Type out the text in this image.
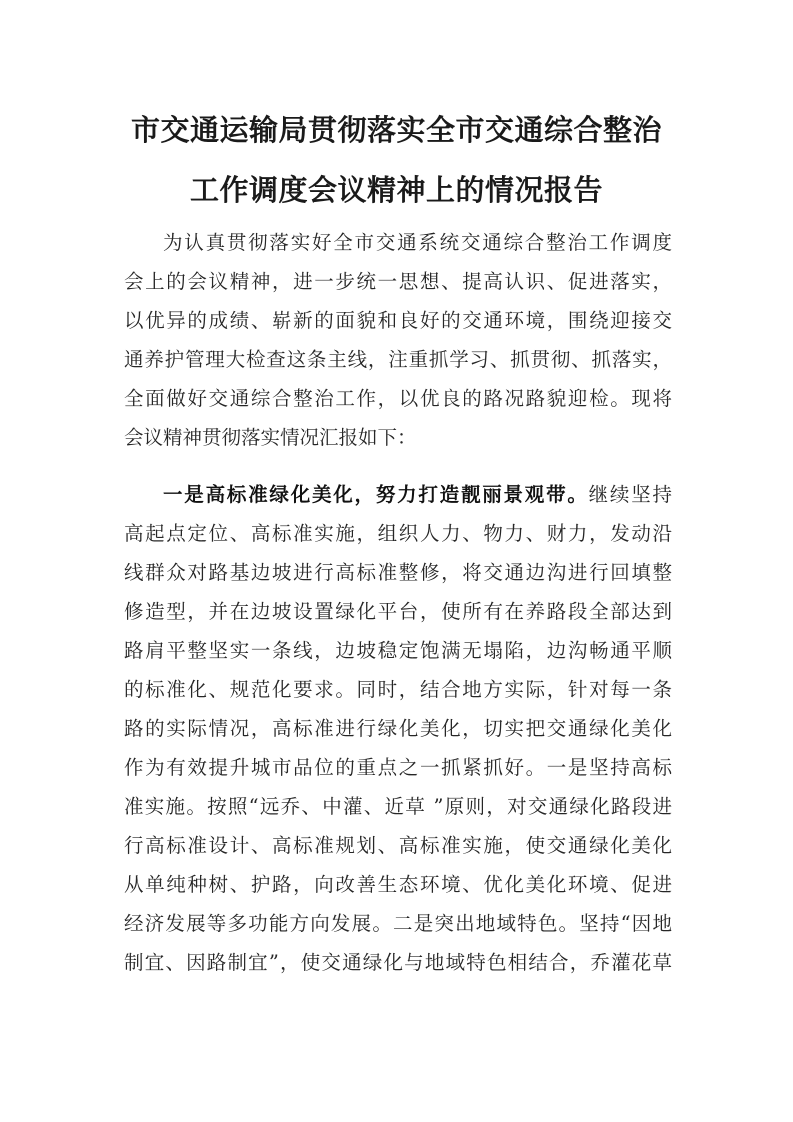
市交通运输局贯彻落实全市交通综合整治
工作调度会议精神上的情况报告
为认真贯彻落实好全市交通系统交通综合整治工作调度
会上的会议精神，进一步统一思想、提高认识、促进落实，
以优异的成绩、崭新的面貌和良好的交通环境，围绕迎接交
通养护管理大检查这条主线，注重抓学习、抓贯彻、抓落实，
全面做好交通综合整治工作，以优良的路况路貌迎检。现将
会议精神贯彻落实情况汇报如下：
一是高标准绿化美化，努力打造靓丽景观带。继续坚持
高起点定位、高标准实施，组织人力、物力、财力，发动沿
线群众对路基边坡进行高标准整修，将交通边沟进行回填整
修造型，并在边坡设置绿化平台，使所有在养路段全部达到
路肩平整坚实一条线，边坡稳定饱满无塌陷，边沟畅通平顺
的标准化、规范化要求。同时，结合地方实际，针对每一条
路的实际情况，高标准进行绿化美化，切实把交通绿化美化
作为有效提升城市品位的重点之一抓紧抓好。一是坚持高标
准实施。按照“远乔、中灌、近草 ”原则，对交通绿化路段进
行高标准设计、高标准规划、高标准实施，使交通绿化美化
从单纯种树、护路，向改善生态环境、优化美化环境、促进
经济发展等多功能方向发展。二是突出地域特色。坚持“因地
制宜、因路制宜”，使交通绿化与地域特色相结合，乔灌花草
